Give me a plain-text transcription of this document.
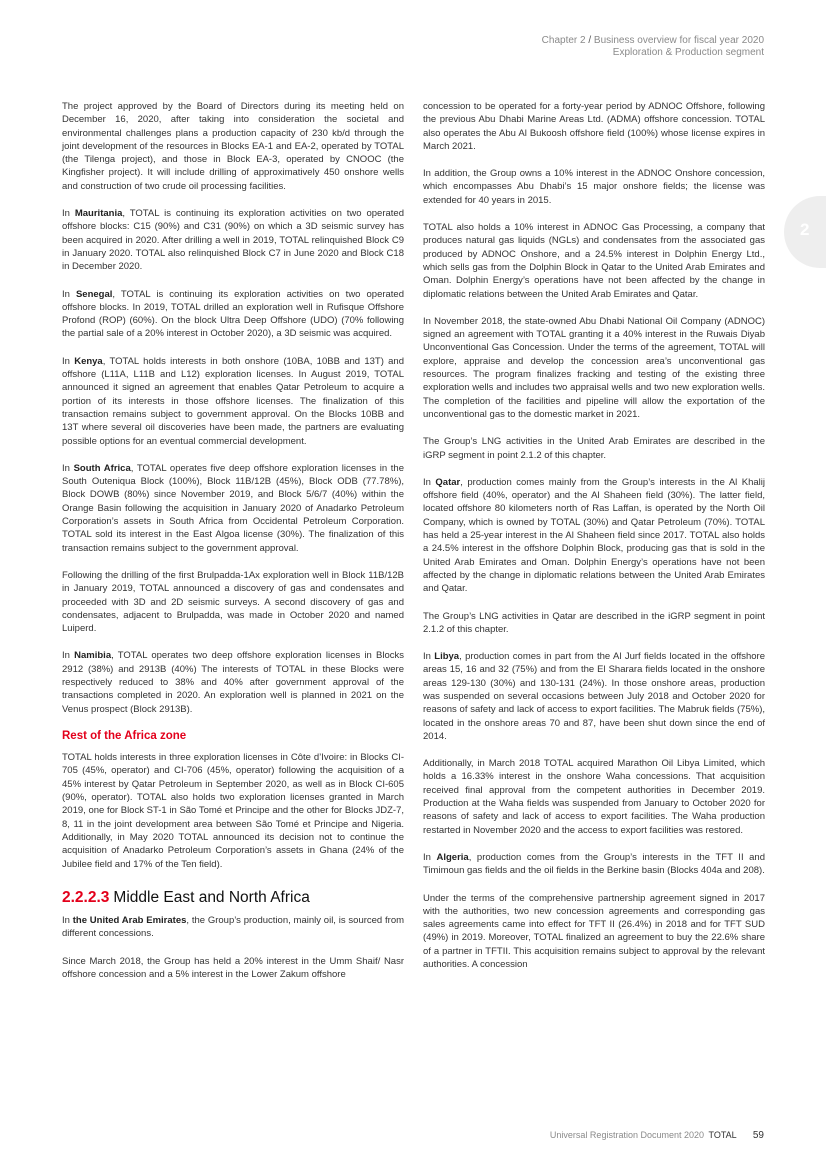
Chapter 2 / Business overview for fiscal year 2020
Exploration & Production segment
2

The project approved by the Board of Directors during its meeting held on December 16, 2020, after taking into consideration the societal and environmental challenges plans a production capacity of 230 kb/d through the joint development of the resources in Blocks EA-1 and EA-2, operated by TOTAL (the Tilenga project), and those in Block EA-3, operated by CNOOC (the Kingfisher project). It will include drilling of approximatively 450 onshore wells and construction of two crude oil processing facilities.

In Mauritania, TOTAL is continuing its exploration activities on two operated offshore blocks: C15 (90%) and C31 (90%) on which a 3D seismic survey has been acquired in 2020. After drilling a well in 2019, TOTAL relinquished Block C9 in January 2020. TOTAL also relinquished Block C7 in June 2020 and Block C18 in December 2020.

In Senegal, TOTAL is continuing its exploration activities on two operated offshore blocks. In 2019, TOTAL drilled an exploration well in Rufisque Offshore Profond (ROP) (60%). On the block Ultra Deep Offshore (UDO) (70% following the partial sale of a 20% interest in October 2020), a 3D seismic was acquired.

In Kenya, TOTAL holds interests in both onshore (10BA, 10BB and 13T) and offshore (L11A, L11B and L12) exploration licenses. In August 2019, TOTAL announced it signed an agreement that enables Qatar Petroleum to acquire a portion of its interests in those offshore licenses. The finalization of this transaction remains subject to government approval. On the Blocks 10BB and 13T where several oil discoveries have been made, the partners are evaluating possible options for an eventual commercial development.

In South Africa, TOTAL operates five deep offshore exploration licenses in the South Outeniqua Block (100%), Block 11B/12B (45%), Block ODB (77.78%), Block DOWB (80%) since November 2019, and Block 5/6/7 (40%) within the Orange Basin following the acquisition in January 2020 of Anadarko Petroleum Corporation’s assets in South Africa from Occidental Petroleum Corporation. TOTAL sold its interest in the East Algoa license (30%). The finalization of this transaction remains subject to the government approval.

Following the drilling of the first Brulpadda-1Ax exploration well in Block 11B/12B in January 2019, TOTAL announced a discovery of gas and condensates and proceeded with 3D and 2D seismic surveys. A second discovery of gas and condensates, adjacent to Brulpadda, was made in October 2020 and named Luiperd.

In Namibia, TOTAL operates two deep offshore exploration licenses in Blocks 2912 (38%) and 2913B (40%) The interests of TOTAL in these Blocks were respectively reduced to 38% and 40% after government approval of the transactions completed in 2020. An exploration well is planned in 2021 on the Venus prospect (Block 2913B).

Rest of the Africa zone

TOTAL holds interests in three exploration licenses in Côte d’Ivoire: in Blocks CI-705 (45%, operator) and CI-706 (45%, operator) following the acquisition of a 45% interest by Qatar Petroleum in September 2020, as well as in Block CI-605 (90%, operator). TOTAL also holds two exploration licenses granted in March 2019, one for Block ST-1 in São Tomé et Principe and the other for Blocks JDZ-7, 8, 11 in the joint development area between São Tomé et Principe and Nigeria. Additionally, in May 2020 TOTAL announced its decision not to continue the acquisition of Anadarko Petroleum Corporation’s assets in Ghana (24% of the Jubilee field and 17% of the Ten field).

2.2.2.3 Middle East and North Africa

In the United Arab Emirates, the Group’s production, mainly oil, is sourced from different concessions.

Since March 2018, the Group has held a 20% interest in the Umm Shaif/ Nasr offshore concession and a 5% interest in the Lower Zakum offshore

concession to be operated for a forty-year period by ADNOC Offshore, following the previous Abu Dhabi Marine Areas Ltd. (ADMA) offshore concession. TOTAL also operates the Abu Al Bukoosh offshore field (100%) whose license expires in March 2021.

In addition, the Group owns a 10% interest in the ADNOC Onshore concession, which encompasses Abu Dhabi’s 15 major onshore fields; the license was extended for 40 years in 2015.

TOTAL also holds a 10% interest in ADNOC Gas Processing, a company that produces natural gas liquids (NGLs) and condensates from the associated gas produced by ADNOC Onshore, and a 24.5% interest in Dolphin Energy Ltd., which sells gas from the Dolphin Block in Qatar to the United Arab Emirates and Oman. Dolphin Energy’s operations have not been affected by the change in diplomatic relations between the United Arab Emirates and Qatar.

In November 2018, the state-owned Abu Dhabi National Oil Company (ADNOC) signed an agreement with TOTAL granting it a 40% interest in the Ruwais Diyab Unconventional Gas Concession. Under the terms of the agreement, TOTAL will explore, appraise and develop the concession area’s unconventional gas resources. The program finalizes fracking and testing of the existing three exploration wells and includes two appraisal wells and two new exploration wells. The completion of the facilities and pipeline will allow the exportation of the unconventional gas to the domestic market in 2021.

The Group’s LNG activities in the United Arab Emirates are described in the iGRP segment in point 2.1.2 of this chapter.

In Qatar, production comes mainly from the Group’s interests in the Al Khalij offshore field (40%, operator) and the Al Shaheen field (30%). The latter field, located offshore 80 kilometers north of Ras Laffan, is operated by the North Oil Company, which is owned by TOTAL (30%) and Qatar Petroleum (70%). TOTAL has held a 25-year interest in the Al Shaheen field since 2017. TOTAL also holds a 24.5% interest in the offshore Dolphin Block, producing gas that is sold in the United Arab Emirates and Oman. Dolphin Energy’s operations have not been affected by the change in diplomatic relations between the United Arab Emirates and Qatar.

The Group’s LNG activities in Qatar are described in the iGRP segment in point 2.1.2 of this chapter.

In Libya, production comes in part from the Al Jurf fields located in the offshore areas 15, 16 and 32 (75%) and from the El Sharara fields located in the onshore areas 129-130 (30%) and 130-131 (24%). In those onshore areas, production was suspended on several occasions between July 2018 and October 2020 for reasons of safety and lack of access to export facilities. The Mabruk fields (75%), located in the onshore areas 70 and 87, have been shut down since the end of 2014.

Additionally, in March 2018 TOTAL acquired Marathon Oil Libya Limited, which holds a 16.33% interest in the onshore Waha concessions. That acquisition received final approval from the competent authorities in December 2019. Production at the Waha fields was suspended from January to October 2020 for reasons of safety and lack of access to export facilities. The Waha production restarted in November 2020 and the access to export facilities was restored.

In Algeria, production comes from the Group’s interests in the TFT II and Timimoun gas fields and the oil fields in the Berkine basin (Blocks 404a and 208).

Under the terms of the comprehensive partnership agreement signed in 2017 with the authorities, two new concession agreements and corresponding gas sales agreements came into effect for TFT II (26.4%) in 2018 and for TFT SUD (49%) in 2019. Moreover, TOTAL finalized an agreement to buy the 22.6% share of a partner in TFTII. This acquisition remains subject to approval by the relevant authorities. A concession

Universal Registration Document 2020 TOTAL 59
